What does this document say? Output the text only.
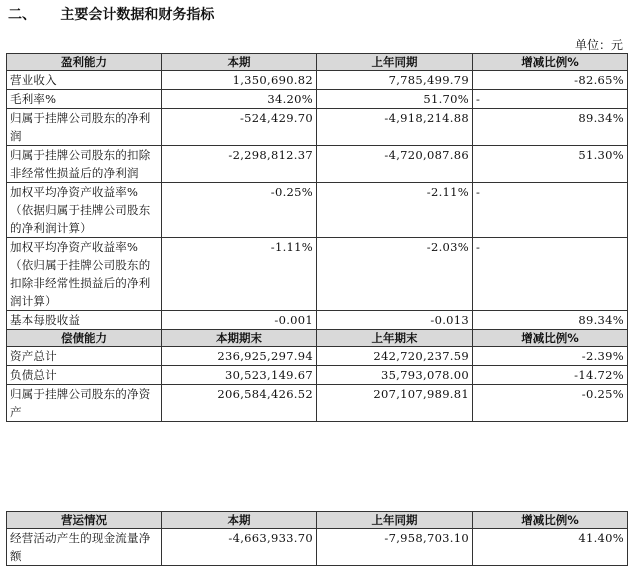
二、     主要会计数据和财务指标
单位：元
盈利能力	本期	上年同期	增减比例%
营业收入	1,350,690.82	7,785,499.79	-82.65%
毛利率%	34.20%	51.70%	-
归属于挂牌公司股东的净利润	-524,429.70	-4,918,214.88	89.34%
归属于挂牌公司股东的扣除非经常性损益后的净利润	-2,298,812.37	-4,720,087.86	51.30%
加权平均净资产收益率%（依据归属于挂牌公司股东的净利润计算）	-0.25%	-2.11%	-
加权平均净资产收益率%（依归属于挂牌公司股东的扣除非经常性损益后的净利润计算）	-1.11%	-2.03%	-
基本每股收益	-0.001	-0.013	89.34%
偿债能力	本期期末	上年期末	增减比例%
资产总计	236,925,297.94	242,720,237.59	-2.39%
负债总计	30,523,149.67	35,793,078.00	-14.72%
归属于挂牌公司股东的净资产	206,584,426.52	207,107,989.81	-0.25%
营运情况	本期	上年同期	增减比例%
经营活动产生的现金流量净额	-4,663,933.70	-7,958,703.10	41.40%
